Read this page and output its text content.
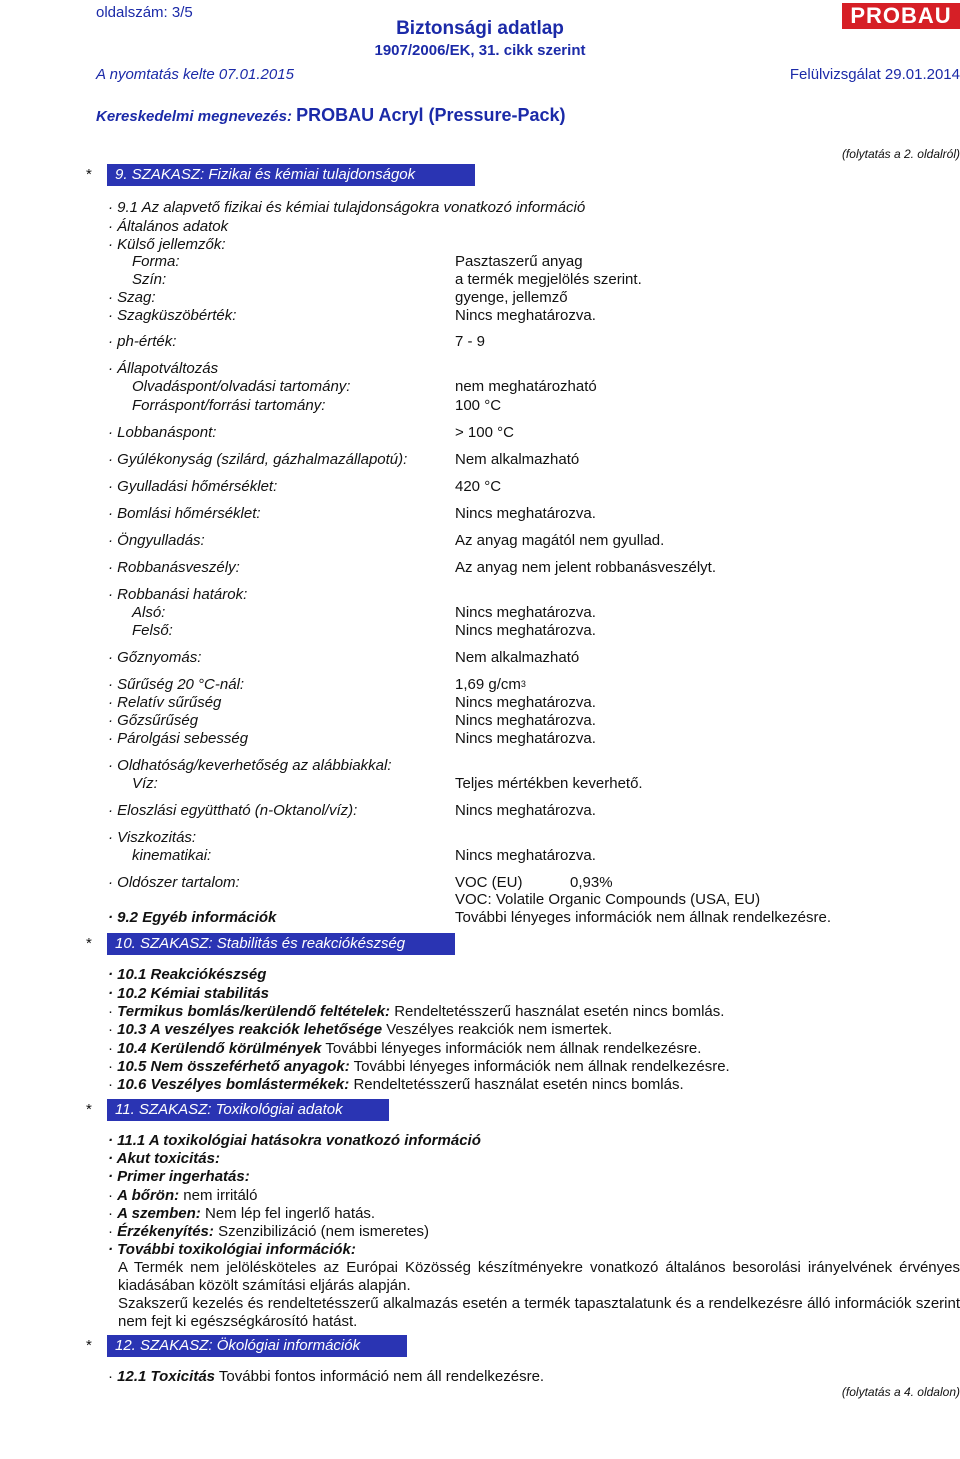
oldalszám: 3/5
Biztonsági adatlap
1907/2006/EK, 31. cikk szerint
A nyomtatás kelte 07.01.2015	Felülvizsgálat 29.01.2014
PROBAU
Kereskedelmi megnevezés: PROBAU Acryl (Pressure-Pack)
(folytatás a 2. oldalról)
*	9. SZAKASZ: Fizikai és kémiai tulajdonságok
· 9.1 Az alapvető fizikai és kémiai tulajdonságokra vonatkozó információ
· Általános adatok
· Külső jellemzők:
Forma:	Pasztaszerű anyag
Szín:	a termék megjelölés szerint.
· Szag:	gyenge, jellemző
· Szagküszöbérték:	Nincs meghatározva.
· ph-érték:	7 - 9
· Állapotváltozás
Olvadáspont/olvadási tartomány:	nem meghatározható
Forráspont/forrási tartomány:	100 °C
· Lobbanáspont:	> 100 °C
· Gyúlékonyság (szilárd, gázhalmazállapotú):	Nem alkalmazható
· Gyulladási hőmérséklet:	420 °C
· Bomlási hőmérséklet:	Nincs meghatározva.
· Öngyulladás:	Az anyag magától nem gyullad.
· Robbanásveszély:	Az anyag nem jelent robbanásveszélyt.
· Robbanási határok:
Alsó:	Nincs meghatározva.
Felső:	Nincs meghatározva.
· Gőznyomás:	Nem alkalmazható
· Sűrűség 20 °C-nál:	1,69 $g/cm^3$
· Relatív sűrűség	Nincs meghatározva.
· Gőzsűrűség	Nincs meghatározva.
· Párolgási sebesség	Nincs meghatározva.
· Oldhatóság/keverhetőség az alábbiakkal:
Víz:	Teljes mértékben keverhető.
· Eloszlási együttható (n-Oktanol/víz):	Nincs meghatározva.
· Viszkozitás:
kinematikai:	Nincs meghatározva.
· Oldószer tartalom:	VOC (EU)	0,93%
VOC: Volatile Organic Compounds (USA, EU)
· 9.2 Egyéb információk	További lényeges információk nem állnak rendelkezésre.
*	10. SZAKASZ: Stabilitás és reakciókészség
· 10.1 Reakciókészség
· 10.2 Kémiai stabilitás
· Termikus bomlás/kerülendő feltételek: Rendeltetésszerű használat esetén nincs bomlás.
· 10.3 A veszélyes reakciók lehetősége Veszélyes reakciók nem ismertek.
· 10.4 Kerülendő körülmények További lényeges információk nem állnak rendelkezésre.
· 10.5 Nem összeférhető anyagok: További lényeges információk nem állnak rendelkezésre.
· 10.6 Veszélyes bomlástermékek: Rendeltetésszerű használat esetén nincs bomlás.
*	11. SZAKASZ: Toxikológiai adatok
· 11.1 A toxikológiai hatásokra vonatkozó információ
· Akut toxicitás:
· Primer ingerhatás:
· A bőrön: nem irritáló
· A szemben: Nem lép fel ingerlő hatás.
· Érzékenyítés: Szenzibilizáció (nem ismeretes)
· További toxikológiai információk:
A Termék nem jelölésköteles az Európai Közösség készítményekre vonatkozó általános besorolási irányelvének érvényes kiadásában közölt számítási eljárás alapján.
Szakszerű kezelés és rendeltetésszerű alkalmazás esetén a termék tapasztalatunk és a rendelkezésre álló információk szerint nem fejt ki egészségkárosító hatást.
*	12. SZAKASZ: Ökológiai információk
· 12.1 Toxicitás További fontos információ nem áll rendelkezésre.
(folytatás a 4. oldalon)
